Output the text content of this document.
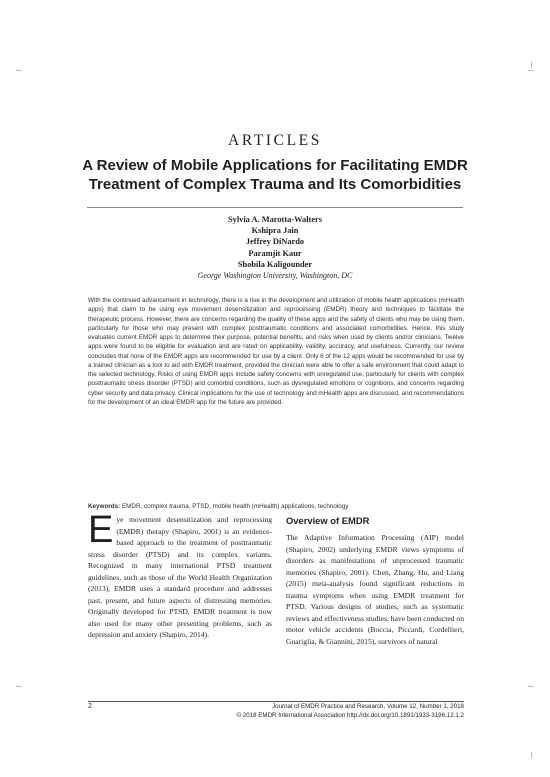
ARTICLES
A Review of Mobile Applications for Facilitating EMDR Treatment of Complex Trauma and Its Comorbidities
Sylvia A. Marotta-Walters
Kshipra Jain
Jeffrey DiNardo
Paramjit Kaur
Shobila Kaligounder
George Washington University, Washington, DC
With the continued advancement in technology, there is a rise in the development and utilization of mobile health applications (mHealth apps) that claim to be using eye movement desensitization and reprocessing (EMDR) theory and techniques to facilitate the therapeutic process. However, there are concerns regarding the quality of these apps and the safety of clients who may be using them, particularly for those who may present with complex posttraumatic conditions and associated comorbidities. Hence, this study evaluates current EMDR apps to determine their purpose, potential benefits, and risks when used by clients and/or clinicians. Twelve apps were found to be eligible for evaluation and are rated on applicability, validity, accuracy, and usefulness. Currently, our review concludes that none of the EMDR apps are recommended for use by a client. Only 6 of the 12 apps would be recommended for use by a trained clinician as a tool to aid with EMDR treatment, provided the clinician were able to offer a safe environment that could adapt to the selected technology. Risks of using EMDR apps include safety concerns with unregulated use, particularly for clients with complex posttraumatic stress disorder (PTSD) and comorbid conditions, such as dysregulated emotions or cognitions, and concerns regarding cyber security and data privacy. Clinical implications for the use of technology and mHealth apps are discussed, and recommendations for the development of an ideal EMDR app for the future are provided.
Keywords: EMDR, complex trauma, PTSD, mobile health (mHealth) applications, technology
E ye movement desensitization and reprocessing (EMDR) therapy (Shapiro, 2001) is an evidence-based approach to the treatment of posttraumatic stress disorder (PTSD) and its complex variants. Recognized in many international PTSD treatment guidelines, such as those of the World Health Organization (2013), EMDR uses a standard procedure and addresses past, present, and future aspects of distressing memories. Originally developed for PTSD, EMDR treatment is now also used for many other presenting problems, such as depression and anxiety (Shapiro, 2014).
Overview of EMDR
The Adaptive Information Processing (AIP) model (Shapiro, 2002) underlying EMDR views symptoms of disorders as manifestations of unprocessed traumatic memories (Shapiro, 2001). Chen, Zhang, Hu, and Liang (2015) meta-analysis found significant reductions in trauma symptoms when using EMDR treatment for PTSD. Various designs of studies, such as systematic reviews and effectiveness studies, have been conducted on motor vehicle accidents (Boccia, Piccardi, Cordellieri, Guariglia, & Giannini, 2015), survivors of natural
2	Journal of EMDR Practice and Research, Volume 12, Number 1, 2018
© 2018 EMDR International Association http://dx.doi.org/10.1891/1933-3196.12.1.2
